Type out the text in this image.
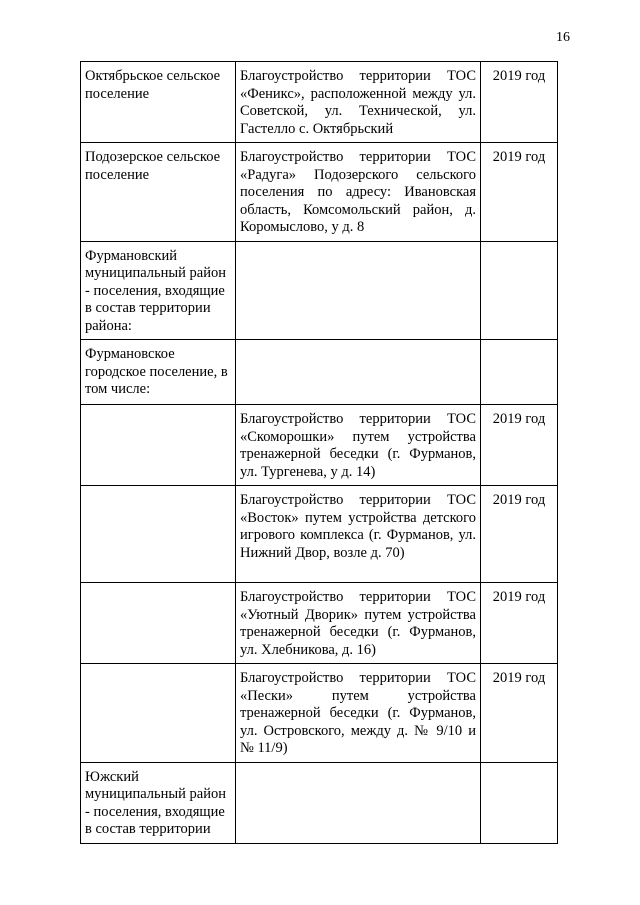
16
Октябрьское сельское поселение	Благоустройство территории ТОС «Феникс», расположенной между ул. Советской, ул. Технической, ул. Гастелло с. Октябрьский	2019 год
Подозерское сельское поселение	Благоустройство территории ТОС «Радуга» Подозерского сельского поселения по адресу: Ивановская область, Комсомольский район, д. Коромыслово, у д. 8	2019 год
Фурмановский муниципальный район - поселения, входящие в состав территории района:		
Фурмановское городское поселение, в том числе:		
	Благоустройство территории ТОС «Скоморошки» путем устройства тренажерной беседки (г. Фурманов, ул. Тургенева, у д. 14)	2019 год
	Благоустройство территории ТОС «Восток» путем устройства детского игрового комплекса (г. Фурманов, ул. Нижний Двор, возле д. 70)	2019 год
	Благоустройство территории ТОС «Уютный Дворик» путем устройства тренажерной беседки (г. Фурманов, ул. Хлебникова, д. 16)	2019 год
	Благоустройство территории ТОС «Пески» путем устройства тренажерной беседки (г. Фурманов, ул. Островского, между д. № 9/10 и № 11/9)	2019 год
Южский муниципальный район - поселения, входящие в состав территории		
